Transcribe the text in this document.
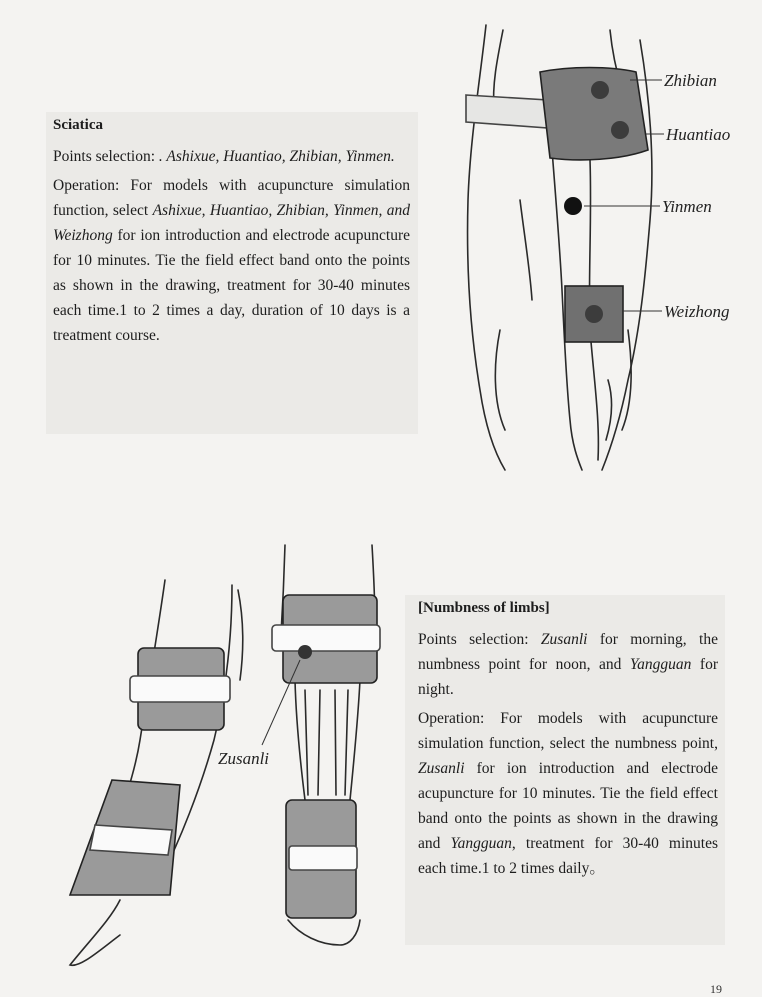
Sciatica

Points selection: . Ashixue, Huantiao, Zhibian, Yinmen.

Operation: For models with acupuncture simulation function, select Ashixue, Huantiao, Zhibian, Yinmen, and Weizhong for ion introduction and electrode acupuncture for 10 minutes. Tie the field effect band onto the points as shown in the drawing, treatment for 30-40 minutes each time.1 to 2 times a day, duration of 10 days is a treatment course.

[Numbness of limbs]

Points selection: Zusanli for morning, the numbness point for noon, and Yangguan for night.

Operation: For models with acupuncture simulation function, select the numbness point, Zusanli for ion introduction and electrode acupuncture for 10 minutes. Tie the field effect band onto the points as shown in the drawing and Yangguan, treatment for 30-40 minutes each time.1 to 2 times daily。

Zhibian
Huantiao
Yinmen
Weizhong
Zusanli
19
